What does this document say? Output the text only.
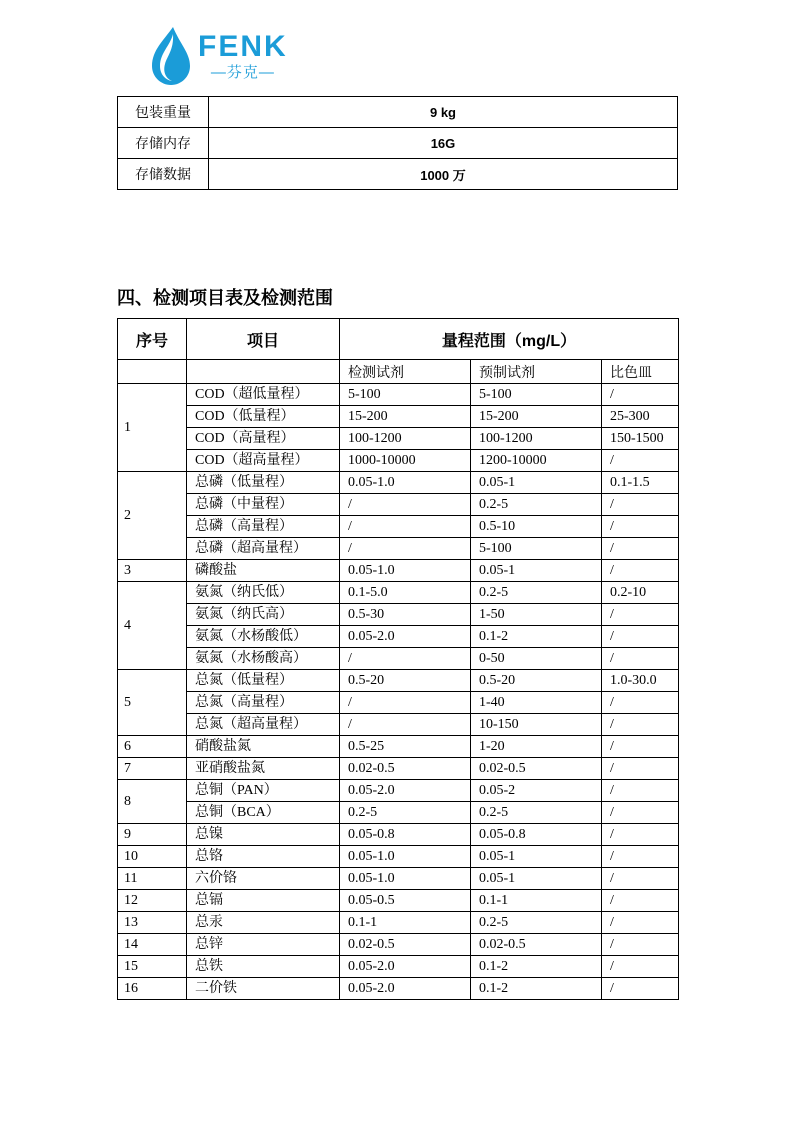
FENK
—芬克—
包装重量	9 kg
存储内存	16G
存储数据	1000 万
四、检测项目表及检测范围
序号	项目	量程范围（mg/L）		
		检测试剂	预制试剂	比色皿
1	COD（超低量程）	5-100	5-100	/
	COD（低量程）	15-200	15-200	25-300
	COD（高量程）	100-1200	100-1200	150-1500
	COD（超高量程）	1000-10000	1200-10000	/
2	总磷（低量程）	0.05-1.0	0.05-1	0.1-1.5
	总磷（中量程）	/	0.2-5	/
	总磷（高量程）	/	0.5-10	/
	总磷（超高量程）	/	5-100	/
3	磷酸盐	0.05-1.0	0.05-1	/
4	氨氮（纳氏低）	0.1-5.0	0.2-5	0.2-10
	氨氮（纳氏高）	0.5-30	1-50	/
	氨氮（水杨酸低）	0.05-2.0	0.1-2	/
	氨氮（水杨酸高）	/	0-50	/
5	总氮（低量程）	0.5-20	0.5-20	1.0-30.0
	总氮（高量程）	/	1-40	/
	总氮（超高量程）	/	10-150	/
6	硝酸盐氮	0.5-25	1-20	/
7	亚硝酸盐氮	0.02-0.5	0.02-0.5	/
8	总铜（PAN）	0.05-2.0	0.05-2	/
	总铜（BCA）	0.2-5	0.2-5	/
9	总镍	0.05-0.8	0.05-0.8	/
10	总铬	0.05-1.0	0.05-1	/
11	六价铬	0.05-1.0	0.05-1	/
12	总镉	0.05-0.5	0.1-1	/
13	总汞	0.1-1	0.2-5	/
14	总锌	0.02-0.5	0.02-0.5	/
15	总铁	0.05-2.0	0.1-2	/
16	二价铁	0.05-2.0	0.1-2	/
